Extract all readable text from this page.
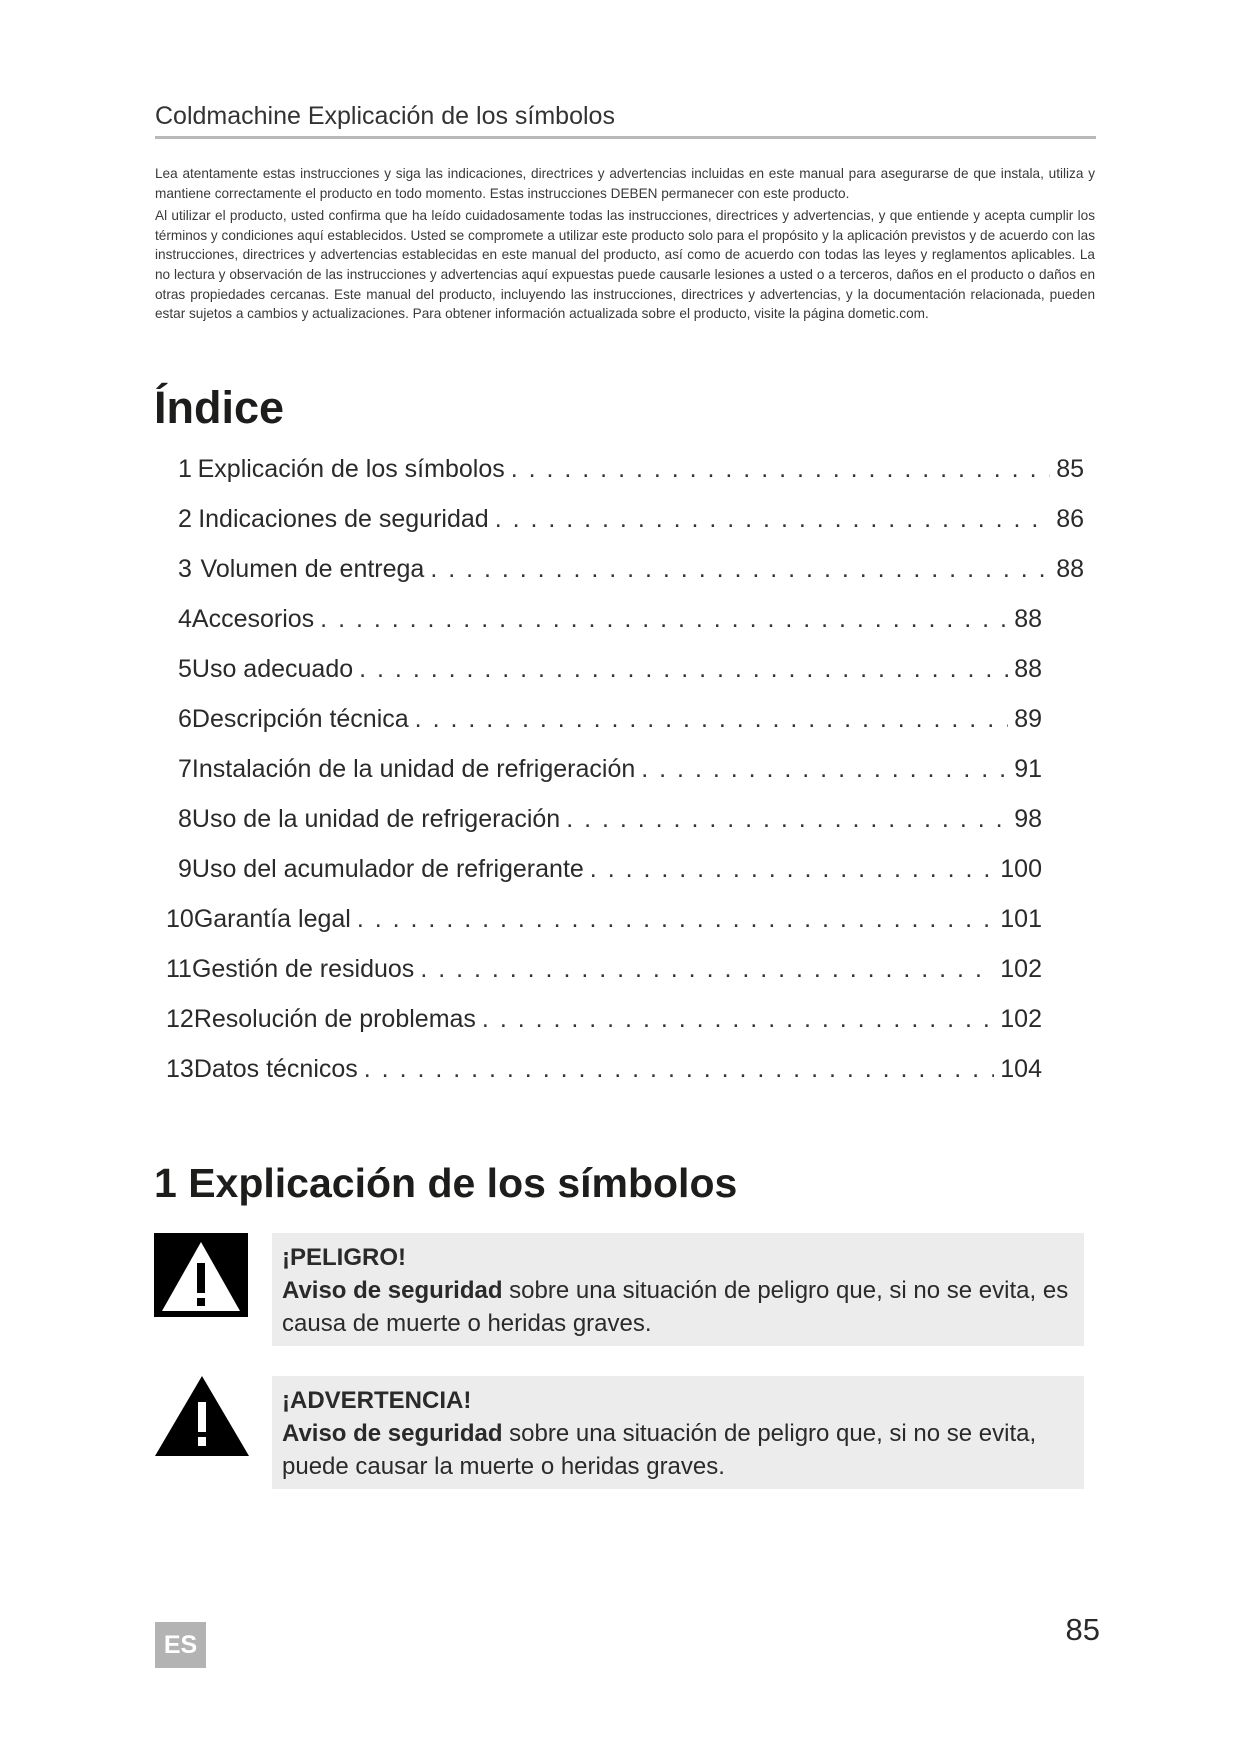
Coldmachine Explicación de los símbolos

Lea atentamente estas instrucciones y siga las indicaciones, directrices y advertencias incluidas en este manual para asegurarse de que instala, utiliza y mantiene correctamente el producto en todo momento. Estas instrucciones DEBEN permanecer con este producto.

Al utilizar el producto, usted confirma que ha leído cuidadosamente todas las instrucciones, directrices y advertencias, y que entiende y acepta cumplir los términos y condiciones aquí establecidos. Usted se compromete a utilizar este producto solo para el propósito y la aplicación previstos y de acuerdo con las instrucciones, directrices y advertencias establecidas en este manual del producto, así como de acuerdo con todas las leyes y reglamentos aplicables. La no lectura y observación de las instrucciones y advertencias aquí expuestas puede causarle lesiones a usted o a terceros, daños en el producto o daños en otras propiedades cercanas. Este manual del producto, incluyendo las instrucciones, directrices y advertencias, y la documentación relacionada, pueden estar sujetos a cambios y actualizaciones. Para obtener información actualizada sobre el producto, visite la página dometic.com.

Índice
1 Explicación de los símbolos . . .	85
2 Indicaciones de seguridad . . .	86
3 Volumen de entrega . . .	88
4 Accesorios . . .	88
5 Uso adecuado . . .	88
6 Descripción técnica . . .	89
7 Instalación de la unidad de refrigeración . . .	91
8 Uso de la unidad de refrigeración . . .	98
9 Uso del acumulador de refrigerante . . .	100
10 Garantía legal . . .	101
11 Gestión de residuos . . .	102
12 Resolución de problemas . . .	102
13 Datos técnicos . . .	104
1 Explicación de los símbolos
¡PELIGRO!
Aviso de seguridad sobre una situación de peligro que, si no se evita, es causa de muerte o heridas graves.
¡ADVERTENCIA!
Aviso de seguridad sobre una situación de peligro que, si no se evita, puede causar la muerte o heridas graves.
ES	85
